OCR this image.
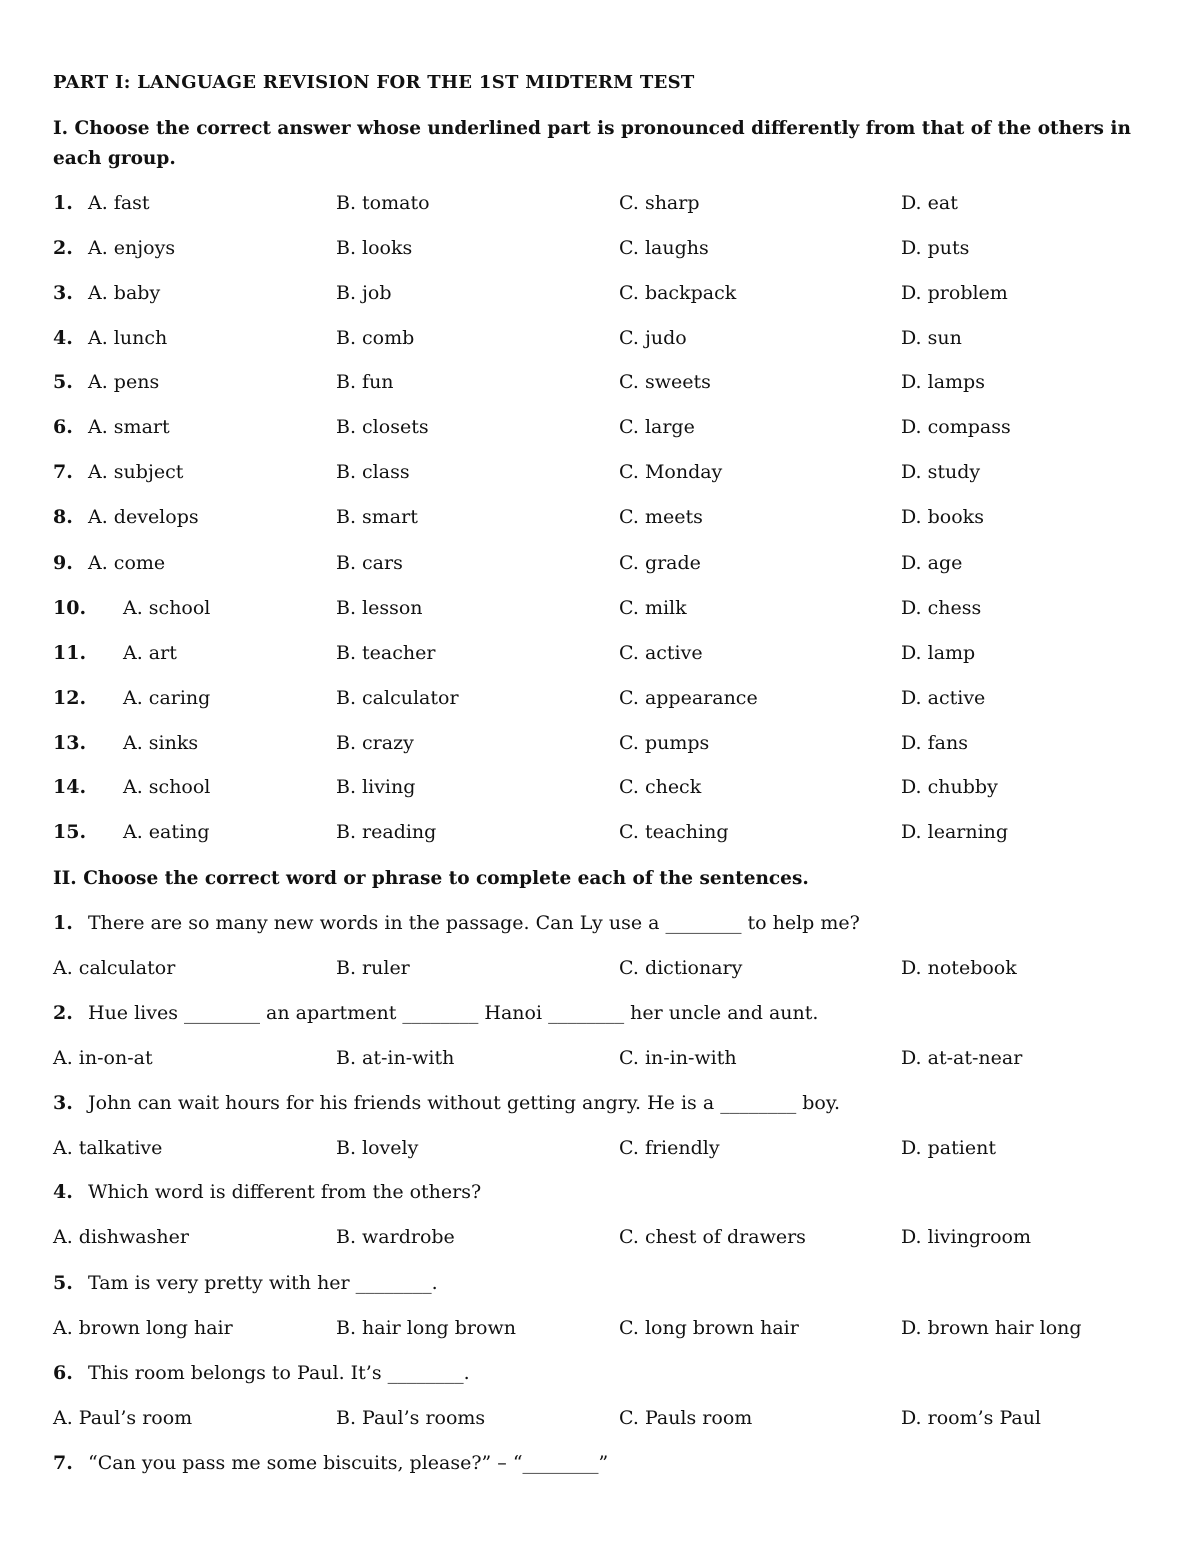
PART I: LANGUAGE REVISION FOR THE 1ST MIDTERM TEST
I. Choose the correct answer whose underlined part is pronounced differently from that of the others in each group.
1. A. fast	B. tomato	C. sharp	D. eat
2. A. enjoys	B. looks	C. laughs	D. puts
3. A. baby	B. job	C. backpack	D. problem
4. A. lunch	B. comb	C. judo	D. sun
5. A. pens	B. fun	C. sweets	D. lamps
6. A. smart	B. closets	C. large	D. compass
7. A. subject	B. class	C. Monday	D. study
8. A. develops	B. smart	C. meets	D. books
9. A. come	B. cars	C. grade	D. age
10. A. school	B. lesson	C. milk	D. chess
11. A. art	B. teacher	C. active	D. lamp
12. A. caring	B. calculator	C. appearance	D. active
13. A. sinks	B. crazy	C. pumps	D. fans
14. A. school	B. living	C. check	D. chubby
15. A. eating	B. reading	C. teaching	D. learning
II. Choose the correct word or phrase to complete each of the sentences.
1. There are so many new words in the passage. Can Ly use a ________ to help me?
A. calculator	B. ruler	C. dictionary	D. notebook
2. Hue lives ________ an apartment ________ Hanoi ________ her uncle and aunt.
A. in-on-at	B. at-in-with	C. in-in-with	D. at-at-near
3. John can wait hours for his friends without getting angry. He is a ________ boy.
A. talkative	B. lovely	C. friendly	D. patient
4. Which word is different from the others?
A. dishwasher	B. wardrobe	C. chest of drawers	D. livingroom
5. Tam is very pretty with her ________.
A. brown long hair	B. hair long brown	C. long brown hair	D. brown hair long
6. This room belongs to Paul. It’s ________.
A. Paul’s room	B. Paul’s rooms	C. Pauls room	D. room’s Paul
7. “Can you pass me some biscuits, please?” – “________”
